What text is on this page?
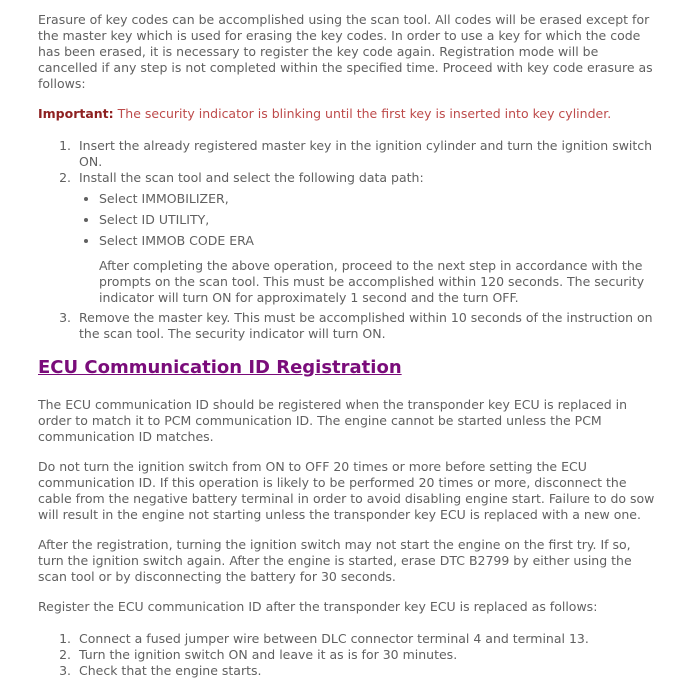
Erasure of key codes can be accomplished using the scan tool. All codes will be erased except for the master key which is used for erasing the key codes. In order to use a key for which the code has been erased, it is necessary to register the key code again. Registration mode will be cancelled if any step is not completed within the specified time. Proceed with key code erasure as follows:

Important: The security indicator is blinking until the first key is inserted into key cylinder.

1. Insert the already registered master key in the ignition cylinder and turn the ignition switch ON.
2. Install the scan tool and select the following data path:
• Select IMMOBILIZER,
• Select ID UTILITY,
• Select IMMOB CODE ERA

After completing the above operation, proceed to the next step in accordance with the prompts on the scan tool. This must be accomplished within 120 seconds. The security indicator will turn ON for approximately 1 second and the turn OFF.

3. Remove the master key. This must be accomplished within 10 seconds of the instruction on the scan tool. The security indicator will turn ON.
ECU Communication ID Registration

The ECU communication ID should be registered when the transponder key ECU is replaced in order to match it to PCM communication ID. The engine cannot be started unless the PCM communication ID matches.

Do not turn the ignition switch from ON to OFF 20 times or more before setting the ECU communication ID. If this operation is likely to be performed 20 times or more, disconnect the cable from the negative battery terminal in order to avoid disabling engine start. Failure to do sow will result in the engine not starting unless the transponder key ECU is replaced with a new one.

After the registration, turning the ignition switch may not start the engine on the first try. If so, turn the ignition switch again. After the engine is started, erase DTC B2799 by either using the scan tool or by disconnecting the battery for 30 seconds.

Register the ECU communication ID after the transponder key ECU is replaced as follows:

1. Connect a fused jumper wire between DLC connector terminal 4 and terminal 13.
2. Turn the ignition switch ON and leave it as is for 30 minutes.
3. Check that the engine starts.
